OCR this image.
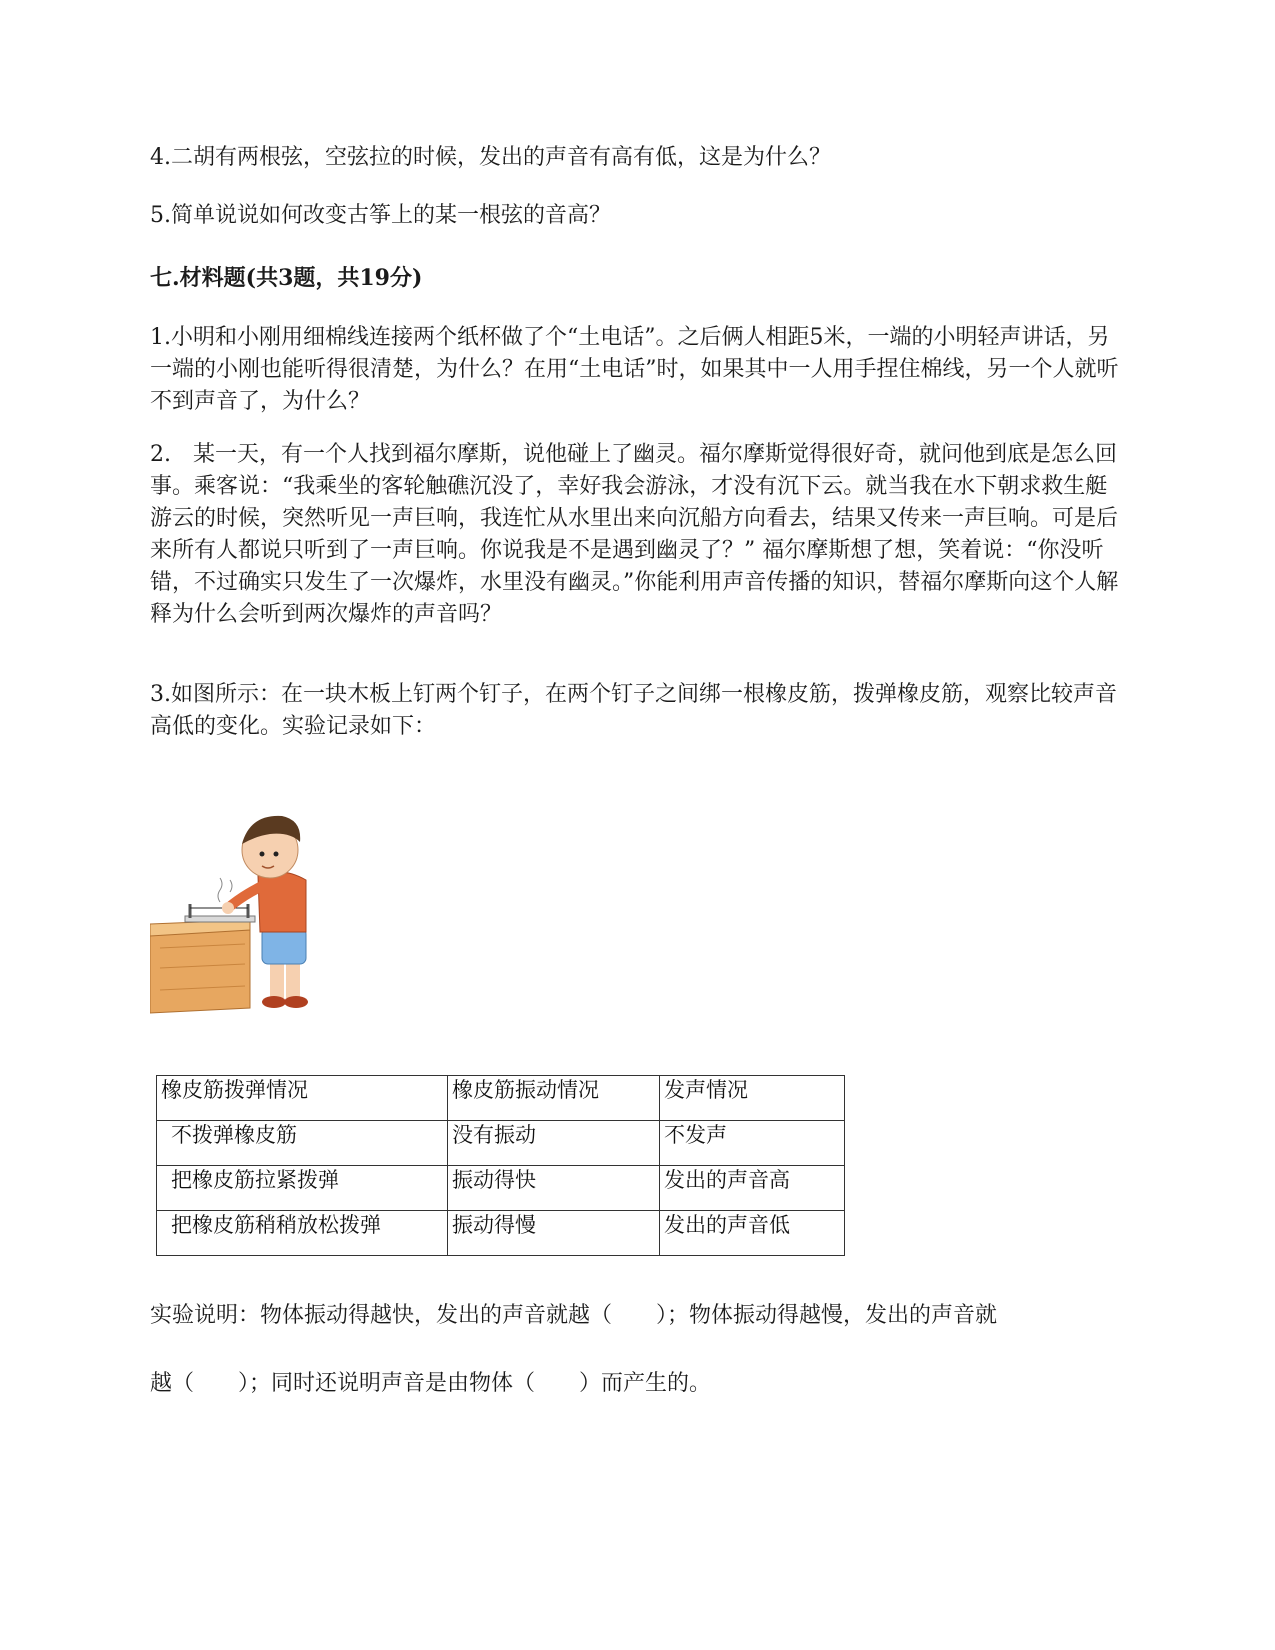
4.二胡有两根弦，空弦拉的时候，发出的声音有高有低，这是为什么？

5.简单说说如何改变古筝上的某一根弦的音高？

七.材料题(共3题，共19分)

1.小明和小刚用细棉线连接两个纸杯做了个“土电话”。之后俩人相距5米，一端的小明轻声讲话，另一端的小刚也能听得很清楚，为什么？在用“土电话”时，如果其中一人用手捏住棉线，另一个人就听不到声音了，为什么？

2.　某一天，有一个人找到福尔摩斯，说他碰上了幽灵。福尔摩斯觉得很好奇，就问他到底是怎么回事。乘客说：“我乘坐的客轮触礁沉没了，幸好我会游泳，才没有沉下云。就当我在水下朝求救生艇游云的时候，突然听见一声巨响，我连忙从水里出来向沉船方向看去，结果又传来一声巨响。可是后来所有人都说只听到了一声巨响。你说我是不是遇到幽灵了？” 福尔摩斯想了想，笑着说：“你没听错，不过确实只发生了一次爆炸，水里没有幽灵。”你能利用声音传播的知识，替福尔摩斯向这个人解释为什么会听到两次爆炸的声音吗？

3.如图所示：在一块木板上钉两个钉子，在两个钉子之间绑一根橡皮筋，拨弹橡皮筋，观察比较声音高低的变化。实验记录如下：

橡皮筋拨弹情况	橡皮筋振动情况	发声情况
不拨弹橡皮筋	没有振动	不发声
把橡皮筋拉紧拨弹	振动得快	发出的声音高
把橡皮筋稍稍放松拨弹	振动得慢	发出的声音低

实验说明：物体振动得越快，发出的声音就越（　　）；物体振动得越慢，发出的声音就

越（　　）；同时还说明声音是由物体（　　）而产生的。
